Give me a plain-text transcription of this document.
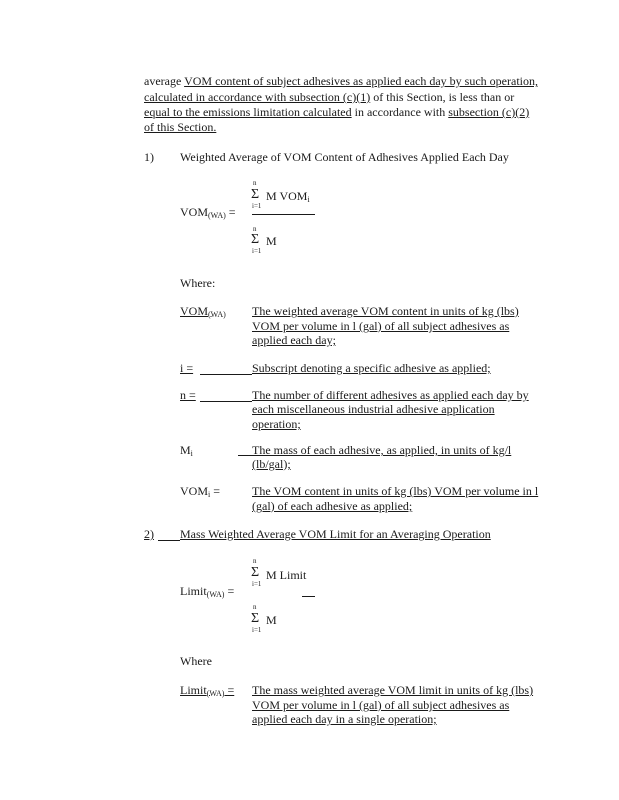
average VOM content of subject adhesives as applied each day by such operation,
calculated in accordance with subsection (c)(1) of this Section, is less than or
equal to the emissions limitation calculated in accordance with subsection (c)(2)
of this Section.
1) Weighted Average of VOM Content of Adhesives Applied Each Day
n
Σ
i=1
M $VOM_i$
$VOM_{(WA)}$ =
n
Σ
i=1
M
Where:
$VOM_{(WA)}$ The weighted average VOM content in units of kg (lbs)
VOM per volume in l (gal) of all subject adhesives as
applied each day;
i =	Subscript denoting a specific adhesive as applied;
n =	The number of different adhesives as applied each day by
each miscellaneous industrial adhesive application
operation;
$M_i$	The mass of each adhesive, as applied, in units of kg/l
(lb/gal);
$VOM_i$ =	The VOM content in units of kg (lbs) VOM per volume in l
(gal) of each adhesive as applied;
2) Mass Weighted Average VOM Limit for an Averaging Operation
n
Σ
i=1
M Limit
Limit$_{(WA)}$ =
n
Σ
i=1
M
Where
Limit$_{(WA)}$ = The mass weighted average VOM limit in units of kg (lbs)
VOM per volume in l (gal) of all subject adhesives as
applied each day in a single operation;
